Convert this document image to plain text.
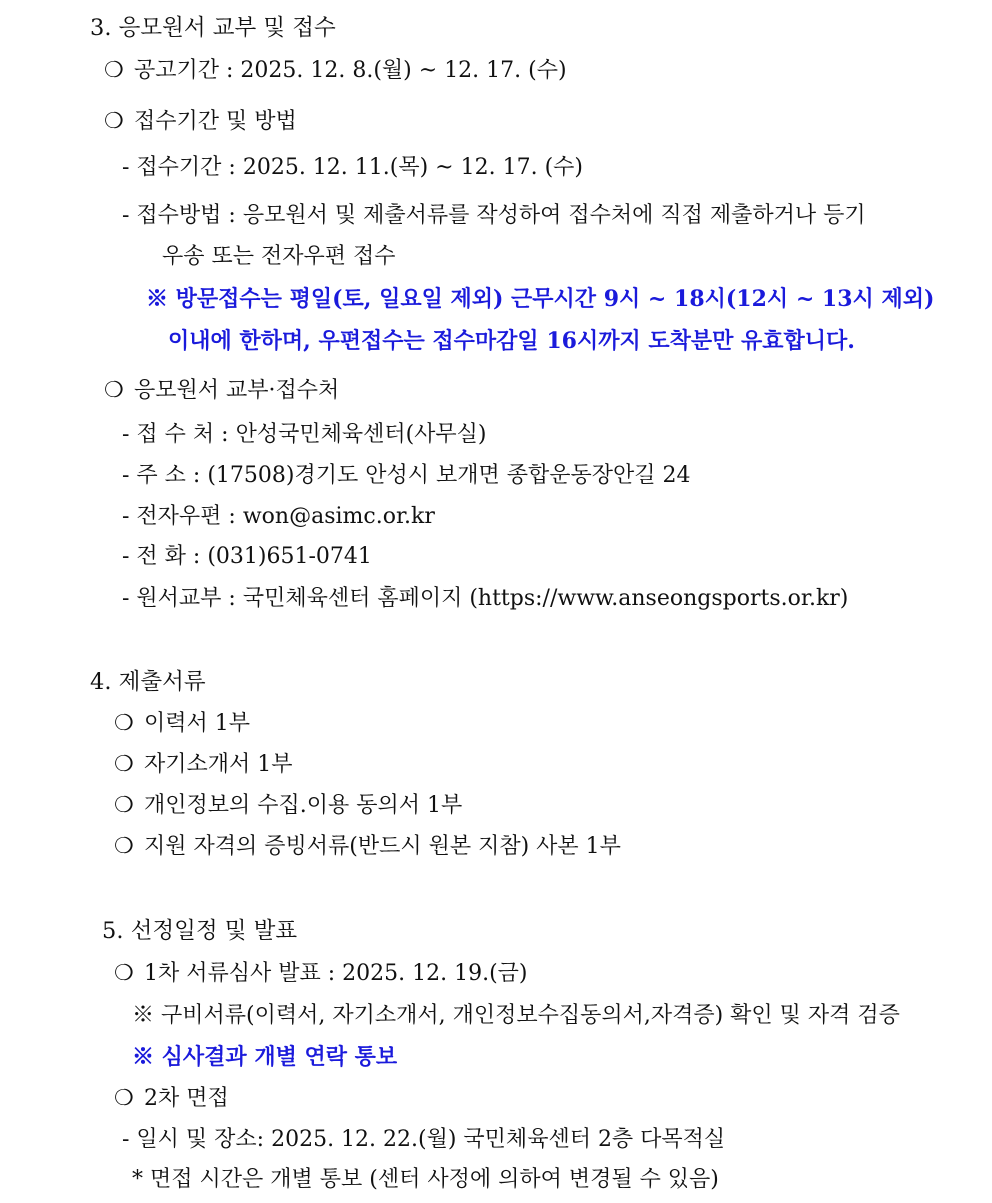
3. 응모원서 교부 및 접수
❍ 공고기간 : 2025. 12. 8.(월) ~ 12. 17. (수)
❍ 접수기간 및 방법
- 접수기간 : 2025. 12. 11.(목) ~ 12. 17. (수)
- 접수방법 : 응모원서 및 제출서류를 작성하여 접수처에 직접 제출하거나 등기
우송 또는 전자우편 접수
※ 방문접수는 평일(토, 일요일 제외) 근무시간 9시 ~ 18시(12시 ~ 13시 제외)
이내에 한하며, 우편접수는 접수마감일 16시까지 도착분만 유효합니다.
❍ 응모원서 교부·접수처
- 접 수 처 : 안성국민체육센터(사무실)
- 주 소 : (17508)경기도 안성시 보개면 종합운동장안길 24
- 전자우편 : won@asimc.or.kr
- 전 화 : (031)651-0741
- 원서교부 : 국민체육센터 홈페이지 (https://www.anseongsports.or.kr)
4. 제출서류
❍ 이력서 1부
❍ 자기소개서 1부
❍ 개인정보의 수집.이용 동의서 1부
❍ 지원 자격의 증빙서류(반드시 원본 지참) 사본 1부
5. 선정일정 및 발표
❍ 1차 서류심사 발표 : 2025. 12. 19.(금)
※ 구비서류(이력서, 자기소개서, 개인정보수집동의서,자격증) 확인 및 자격 검증
※ 심사결과 개별 연락 통보
❍ 2차 면접
- 일시 및 장소: 2025. 12. 22.(월) 국민체육센터 2층 다목적실
* 면접 시간은 개별 통보 (센터 사정에 의하여 변경될 수 있음)
